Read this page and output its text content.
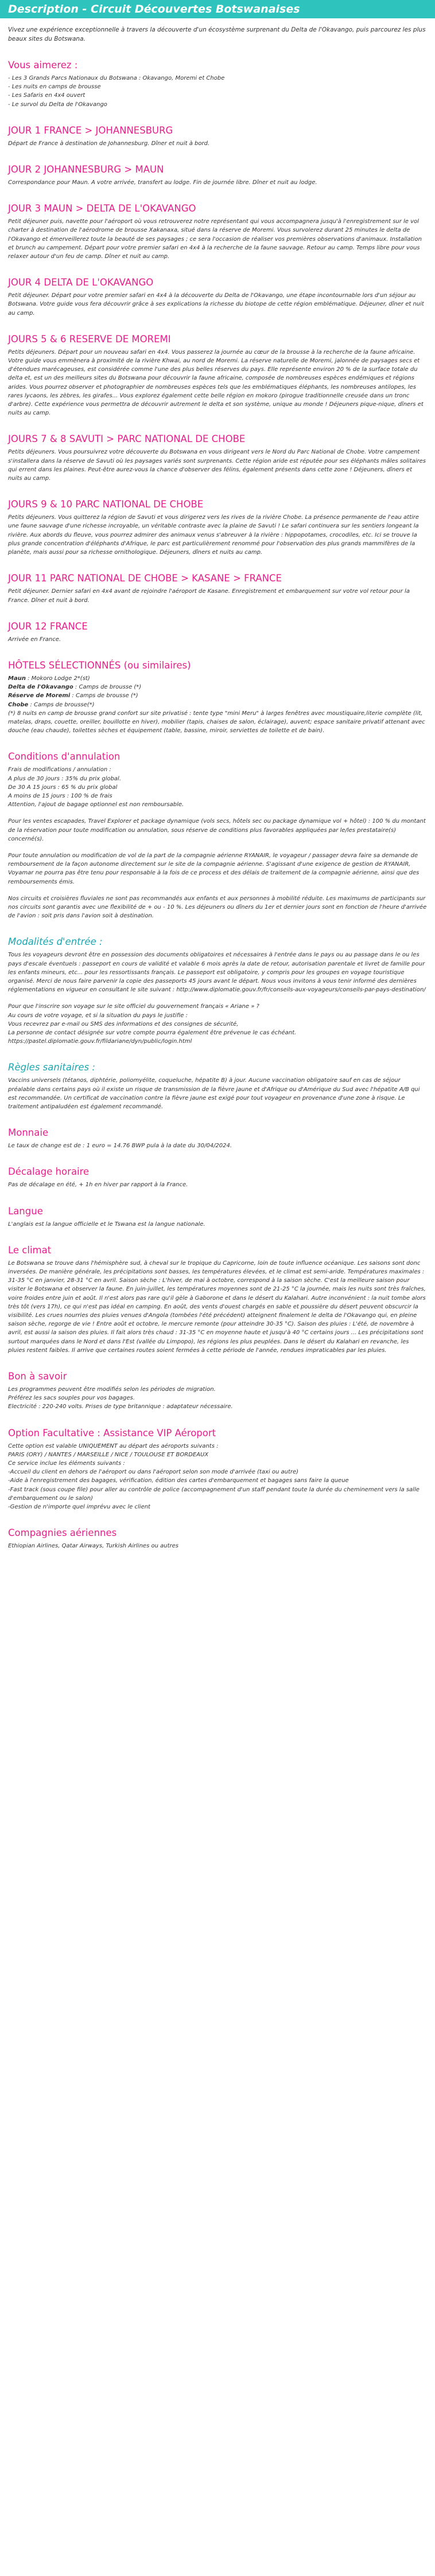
Description - Circuit Découvertes Botswanaises

Vivez une expérience exceptionnelle à travers la découverte d'un écosystème surprenant du Delta de l'Okavango, puis parcourez les plus beaux sites du Botswana.

Vous aimerez :
- Les 3 Grands Parcs Nationaux du Botswana : Okavango, Moremi et Chobe
- Les nuits en camps de brousse
- Les Safaris en 4x4 ouvert
- Le survol du Delta de l'Okavango
JOUR 1 FRANCE > JOHANNESBURG

Départ de France à destination de Johannesburg. Dîner et nuit à bord.

JOUR 2 JOHANNESBURG > MAUN

Correspondance pour Maun. A votre arrivée, transfert au lodge. Fin de journée libre. Dîner et nuit au lodge.

JOUR 3 MAUN > DELTA DE L'OKAVANGO

Petit déjeuner puis, navette pour l'aéroport où vous retrouverez notre représentant qui vous accompagnera jusqu'à l'enregistrement sur le vol charter à destination de l'aérodrome de brousse Xakanaxa, situé dans la réserve de Moremi. Vous survolerez durant 25 minutes le delta de l'Okavango et émerveillerez toute la beauté de ses paysages ; ce sera l'occasion de réaliser vos premières observations d'animaux. Installation et brunch au campement. Départ pour votre premier safari en 4x4 à la recherche de la faune sauvage. Retour au camp. Temps libre pour vous relaxer autour d'un feu de camp. Dîner et nuit au camp.

JOUR 4 DELTA DE L'OKAVANGO

Petit déjeuner. Départ pour votre premier safari en 4x4 à la découverte du Delta de l'Okavango, une étape incontournable lors d'un séjour au Botswana. Votre guide vous fera découvrir grâce à ses explications la richesse du biotope de cette région emblématique. Déjeuner, dîner et nuit au camp.

JOURS 5 & 6 RESERVE DE MOREMI

Petits déjeuners. Départ pour un nouveau safari en 4x4. Vous passerez la journée au cœur de la brousse à la recherche de la faune africaine. Votre guide vous emmènera à proximité de la rivière Khwai, au nord de Moremi. La réserve naturelle de Moremi, jalonnée de paysages secs et d'étendues marécageuses, est considérée comme l'une des plus belles réserves du pays. Elle représente environ 20 % de la surface totale du delta et, est un des meilleurs sites du Botswana pour découvrir la faune africaine, composée de nombreuses espèces endémiques et régions arides. Vous pourrez observer et photographier de nombreuses espèces tels que les emblématiques éléphants, les nombreuses antilopes, les rares lycaons, les zèbres, les girafes... Vous explorez également cette belle région en mokoro (pirogue traditionnelle creusée dans un tronc d'arbre). Cette expérience vous permettra de découvrir autrement le delta et son système, unique au monde ! Déjeuners pique-nique, dîners et nuits au camp.

JOURS 7 & 8 SAVUTI > PARC NATIONAL DE CHOBE

Petits déjeuners. Vous poursuivrez votre découverte du Botswana en vous dirigeant vers le Nord du Parc National de Chobe. Votre campement s'installera dans la réserve de Savuti où les paysages variés sont surprenants. Cette région aride est réputée pour ses éléphants mâles solitaires qui errent dans les plaines. Peut-être aurez-vous la chance d'observer des félins, également présents dans cette zone ! Déjeuners, dîners et nuits au camp.

JOURS 9 & 10 PARC NATIONAL DE CHOBE

Petits déjeuners. Vous quitterez la région de Savuti et vous dirigerez vers les rives de la rivière Chobe. La présence permanente de l'eau attire une faune sauvage d'une richesse incroyable, un véritable contraste avec la plaine de Savuti ! Le safari continuera sur les sentiers longeant la rivière. Aux abords du fleuve, vous pourrez admirer des animaux venus s'abreuver à la rivière : hippopotames, crocodiles, etc. Ici se trouve la plus grande concentration d'éléphants d'Afrique, le parc est particulièrement renommé pour l'observation des plus grands mammifères de la planète, mais aussi pour sa richesse ornithologique. Déjeuners, dîners et nuits au camp.

JOUR 11 PARC NATIONAL DE CHOBE > KASANE > FRANCE

Petit déjeuner. Dernier safari en 4x4 avant de rejoindre l'aéroport de Kasane. Enregistrement et embarquement sur votre vol retour pour la France. Dîner et nuit à bord.

JOUR 12 FRANCE

Arrivée en France.

HÔTELS SÉLECTIONNÉS (ou similaires)
Maun : Mokoro Lodge 2*(st)
Delta de l'Okavango : Camps de brousse (*)
Réserve de Moremi : Camps de brousse (*)
Chobe : Camps de brousse(*)

(*) 8 nuits en camp de brousse grand confort sur site privatisé : tente type "mini Meru" à larges fenêtres avec moustiquaire,literie complète (lit, matelas, draps, couette, oreiller, bouillotte en hiver), mobilier (tapis, chaises de salon, éclairage), auvent; espace sanitaire privatif attenant avec douche (eau chaude), toilettes sèches et équipement (table, bassine, miroir, serviettes de toilette et de bain).

Conditions d'annulation

Frais de modifications / annulation :

A plus de 30 jours : 35% du prix global.

De 30 A 15 jours : 65 % du prix global

A moins de 15 jours : 100 % de frais

Attention, l'ajout de bagage optionnel est non remboursable.

Pour les ventes escapades, Travel Explorer et package dynamique (vols secs, hôtels sec ou package dynamique vol + hôtel) : 100 % du montant de la réservation pour toute modification ou annulation, sous réserve de conditions plus favorables appliquées par le/les prestataire(s) concerné(s).

Pour toute annulation ou modification de vol de la part de la compagnie aérienne RYANAIR, le voyageur / passager devra faire sa demande de remboursement de la façon autonome directement sur le site de la compagnie aérienne. S'agissant d'une exigence de gestion de RYANAIR, Voyamar ne pourra pas être tenu pour responsable à la fois de ce process et des délais de traitement de la compagnie aérienne, ainsi que des remboursements émis.

Nos circuits et croisières fluviales ne sont pas recommandés aux enfants et aux personnes à mobilité réduite. Les maximums de participants sur nos circuits sont garantis avec une flexibilité de + ou - 10 %. Les déjeuners ou dîners du 1er et dernier jours sont en fonction de l'heure d'arrivée de l'avion : soit pris dans l'avion soit à destination.

Modalités d'entrée :

Tous les voyageurs devront être en possession des documents obligatoires et nécessaires à l'entrée dans le pays ou au passage dans le ou les pays d'escale éventuels : passeport en cours de validité et valable 6 mois après la date de retour, autorisation parentale et livret de famille pour les enfants mineurs, etc... pour les ressortissants français. Le passeport est obligatoire, y compris pour les groupes en voyage touristique organisé. Merci de nous faire parvenir la copie des passeports 45 jours avant le départ. Nous vous invitons à vous tenir informé des dernières réglementations en vigueur en consultant le site suivant : http://www.diplomatie.gouv.fr/fr/conseils-aux-voyageurs/conseils-par-pays-destination/

Pour que l'inscrire son voyage sur le site officiel du gouvernement français « Ariane » ?

Au cours de votre voyage, et si la situation du pays le justifie :

Vous recevrez par e-mail ou SMS des informations et des consignes de sécurité,

La personne de contact désignée sur votre compte pourra également être prévenue le cas échéant.

https://pastel.diplomatie.gouv.fr/fildariane/dyn/public/login.html

Règles sanitaires :

Vaccins universels (tétanos, diphtérie, poliomyélite, coqueluche, hépatite B) à jour. Aucune vaccination obligatoire sauf en cas de séjour préalable dans certains pays où il existe un risque de transmission de la fièvre jaune et d'Afrique ou d'Amérique du Sud avec l'hépatite A/B qui est recommandée. Un certificat de vaccination contre la fièvre jaune est exigé pour tout voyageur en provenance d'une zone à risque. Le traitement antipaludéen est également recommandé.

Monnaie

Le taux de change est de : 1 euro = 14.76 BWP pula à la date du 30/04/2024.

Décalage horaire

Pas de décalage en été, + 1h en hiver par rapport à la France.

Langue

L'anglais est la langue officielle et le Tswana est la langue nationale.

Le climat

Le Botswana se trouve dans l'hémisphère sud, à cheval sur le tropique du Capricorne, loin de toute influence océanique. Les saisons sont donc inversées. De manière générale, les précipitations sont basses, les températures élevées, et le climat est semi-aride. Températures maximales : 31-35 °C en janvier, 28-31 °C en avril. Saison sèche : L'hiver, de mai à octobre, correspond à la saison sèche. C'est la meilleure saison pour visiter le Botswana et observer la faune. En juin-juillet, les températures moyennes sont de 21-25 °C la journée, mais les nuits sont très fraîches, voire froides entre juin et août. Il n'est alors pas rare qu'il gèle à Gaborone et dans le désert du Kalahari. Autre inconvénient : la nuit tombe alors très tôt (vers 17h), ce qui n'est pas idéal en camping. En août, des vents d'ouest chargés en sable et poussière du désert peuvent obscurcir la visibilité. Les crues nourries des pluies venues d'Angola (tombées l'été précédent) atteignent finalement le delta de l'Okavango qui, en pleine saison sèche, regorge de vie ! Entre août et octobre, le mercure remonte (pour atteindre 30-35 °C). Saison des pluies : L'été, de novembre à avril, est aussi la saison des pluies. Il fait alors très chaud : 31-35 °C en moyenne haute et jusqu'à 40 °C certains jours ... Les précipitations sont surtout marquées dans le Nord et dans l'Est (vallée du Limpopo), les régions les plus peuplées. Dans le désert du Kalahari en revanche, les pluies restent faibles. Il arrive que certaines routes soient fermées à cette période de l'année, rendues impraticables par les pluies.

Bon à savoir

Les programmes peuvent être modifiés selon les périodes de migration.

Préférez les sacs souples pour vos bagages.

Electricité : 220-240 volts. Prises de type britannique : adaptateur nécessaire.

Option Facultative : Assistance VIP Aéroport

Cette option est valable UNIQUEMENT au départ des aéroports suivants :

PARIS (ORY) / NANTES / MARSEILLE / NICE / TOULOUSE ET BORDEAUX

Ce service inclue les éléments suivants :

-Accueil du client en dehors de l'aéroport ou dans l'aéroport selon son mode d'arrivée (taxi ou autre)

-Aide à l'enregistrement des bagages, vérification, édition des cartes d'embarquement et bagages sans faire la queue

-Fast track (sous coupe file) pour aller au contrôle de police (accompagnement d'un staff pendant toute la durée du cheminement vers la salle d'embarquement ou le salon)

-Gestion de n'importe quel imprévu avec le client

Compagnies aériennes

Ethiopian Airlines, Qatar Airways, Turkish Airlines ou autres
